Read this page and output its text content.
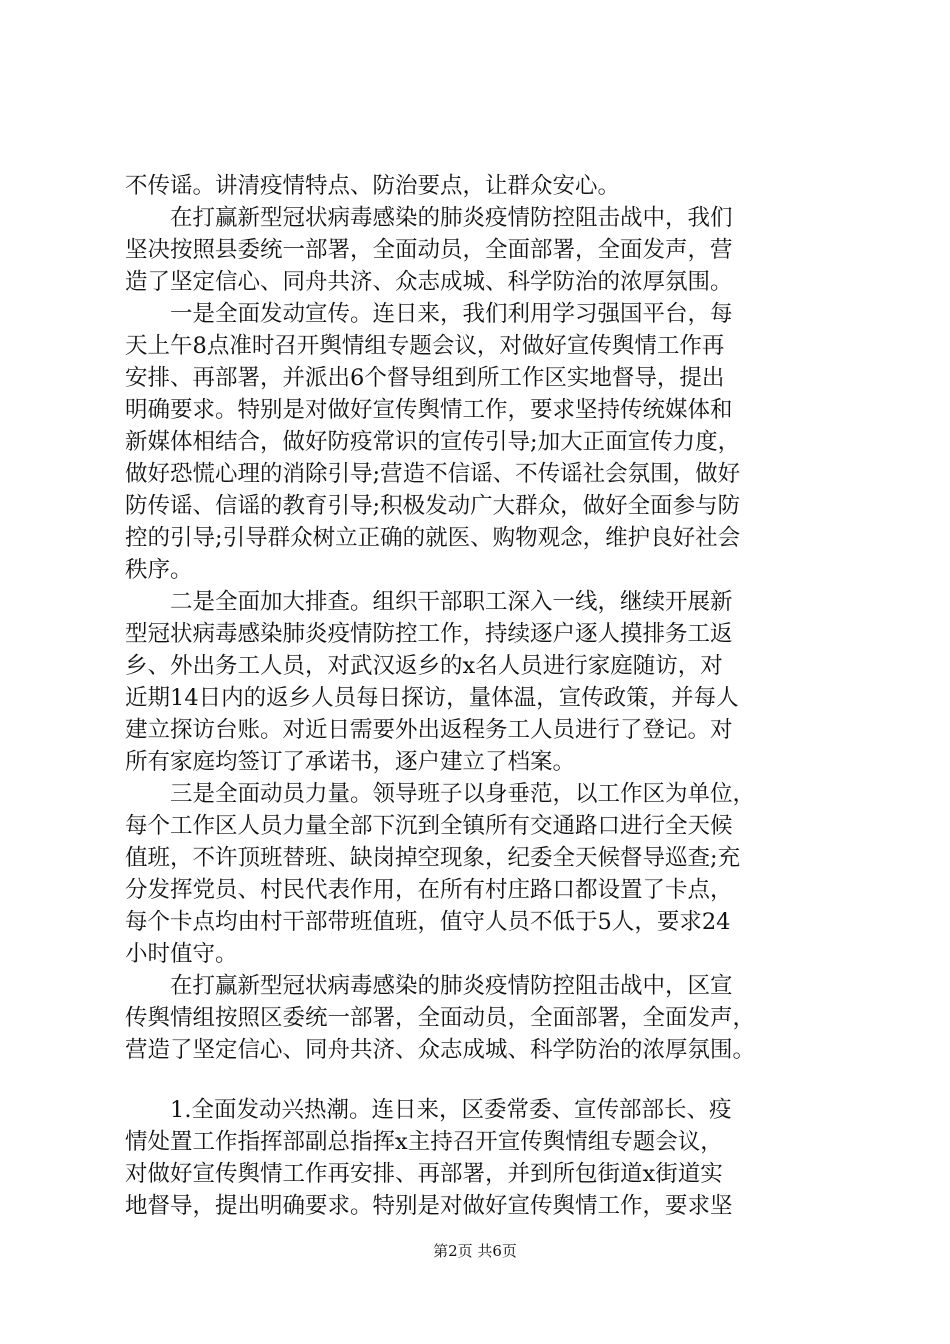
不传谣。讲清疫情特点、防治要点，让群众安心。
　　在打赢新型冠状病毒感染的肺炎疫情防控阻击战中，我们
坚决按照县委统一部署，全面动员，全面部署，全面发声，营
造了坚定信心、同舟共济、众志成城、科学防治的浓厚氛围。
　　一是全面发动宣传。连日来，我们利用学习强国平台，每
天上午8点准时召开舆情组专题会议，对做好宣传舆情工作再
安排、再部署，并派出6个督导组到所工作区实地督导，提出
明确要求。特别是对做好宣传舆情工作，要求坚持传统媒体和
新媒体相结合，做好防疫常识的宣传引导;加大正面宣传力度，
做好恐慌心理的消除引导;营造不信谣、不传谣社会氛围，做好
防传谣、信谣的教育引导;积极发动广大群众，做好全面参与防
控的引导;引导群众树立正确的就医、购物观念，维护良好社会
秩序。
　　二是全面加大排查。组织干部职工深入一线，继续开展新
型冠状病毒感染肺炎疫情防控工作，持续逐户逐人摸排务工返
乡、外出务工人员，对武汉返乡的x名人员进行家庭随访，对
近期14日内的返乡人员每日探访，量体温，宣传政策，并每人
建立探访台账。对近日需要外出返程务工人员进行了登记。对
所有家庭均签订了承诺书，逐户建立了档案。
　　三是全面动员力量。领导班子以身垂范，以工作区为单位，
每个工作区人员力量全部下沉到全镇所有交通路口进行全天候
值班，不许顶班替班、缺岗掉空现象，纪委全天候督导巡查;充
分发挥党员、村民代表作用，在所有村庄路口都设置了卡点，
每个卡点均由村干部带班值班，值守人员不低于5人，要求24
小时值守。
　　在打赢新型冠状病毒感染的肺炎疫情防控阻击战中，区宣
传舆情组按照区委统一部署，全面动员，全面部署，全面发声，
营造了坚定信心、同舟共济、众志成城、科学防治的浓厚氛围。
　　1.全面发动兴热潮。连日来，区委常委、宣传部部长、疫
情处置工作指挥部副总指挥x主持召开宣传舆情组专题会议，
对做好宣传舆情工作再安排、再部署，并到所包街道x街道实
地督导，提出明确要求。特别是对做好宣传舆情工作，要求坚
第2页 共6页
